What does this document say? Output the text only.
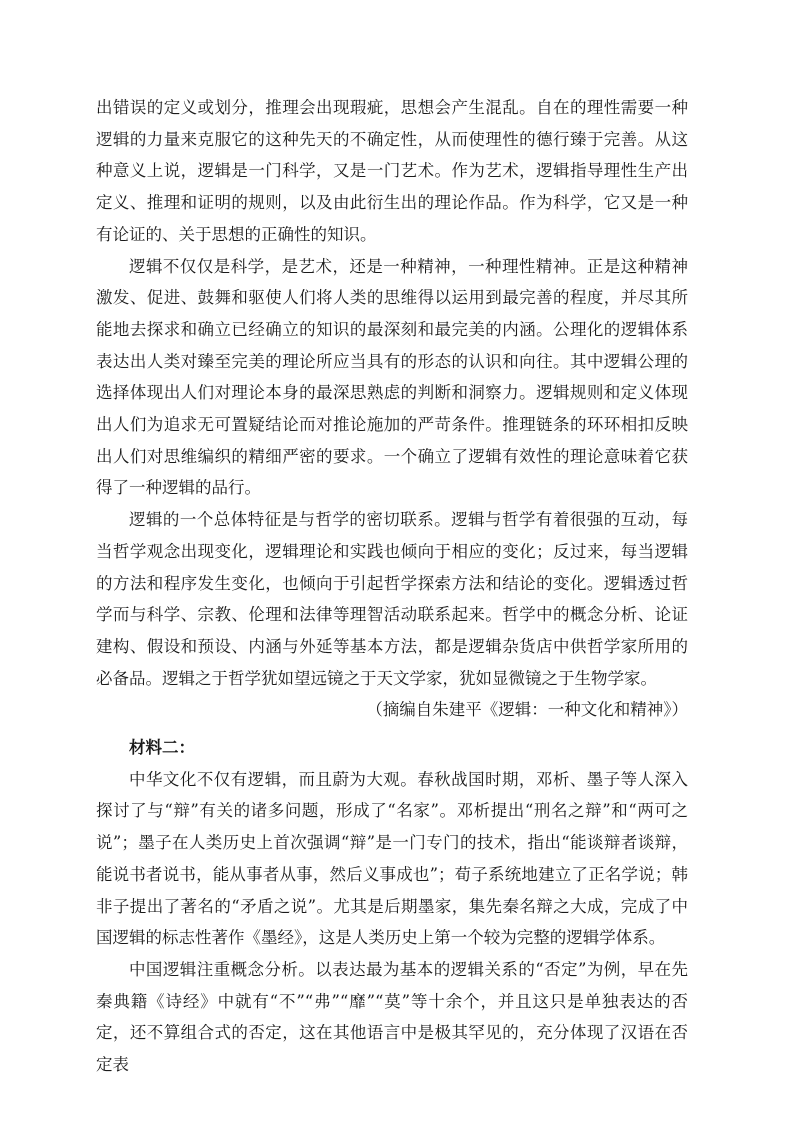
出错误的定义或划分，推理会出现瑕疵，思想会产生混乱。自在的理性需要一种逻辑的力量来克服它的这种先天的不确定性，从而使理性的德行臻于完善。从这种意义上说，逻辑是一门科学，又是一门艺术。作为艺术，逻辑指导理性生产出定义、推理和证明的规则，以及由此衍生出的理论作品。作为科学，它又是一种有论证的、关于思想的正确性的知识。

逻辑不仅仅是科学，是艺术，还是一种精神，一种理性精神。正是这种精神激发、促进、鼓舞和驱使人们将人类的思维得以运用到最完善的程度，并尽其所能地去探求和确立已经确立的知识的最深刻和最完美的内涵。公理化的逻辑体系表达出人类对臻至完美的理论所应当具有的形态的认识和向往。其中逻辑公理的选择体现出人们对理论本身的最深思熟虑的判断和洞察力。逻辑规则和定义体现出人们为追求无可置疑结论而对推论施加的严苛条件。推理链条的环环相扣反映出人们对思维编织的精细严密的要求。一个确立了逻辑有效性的理论意味着它获得了一种逻辑的品行。

逻辑的一个总体特征是与哲学的密切联系。逻辑与哲学有着很强的互动，每当哲学观念出现变化，逻辑理论和实践也倾向于相应的变化；反过来，每当逻辑的方法和程序发生变化，也倾向于引起哲学探索方法和结论的变化。逻辑透过哲学而与科学、宗教、伦理和法律等理智活动联系起来。哲学中的概念分析、论证建构、假设和预设、内涵与外延等基本方法，都是逻辑杂货店中供哲学家所用的必备品。逻辑之于哲学犹如望远镜之于天文学家，犹如显微镜之于生物学家。

（摘编自朱建平《逻辑：一种文化和精神》）

材料二：

中华文化不仅有逻辑，而且蔚为大观。春秋战国时期，邓析、墨子等人深入探讨了与“辩”有关的诸多问题，形成了“名家”。邓析提出“刑名之辩”和“两可之说”；墨子在人类历史上首次强调“辩”是一门专门的技术，指出“能谈辩者谈辩，能说书者说书，能从事者从事，然后义事成也”；荀子系统地建立了正名学说；韩非子提出了著名的“矛盾之说”。尤其是后期墨家，集先秦名辩之大成，完成了中国逻辑的标志性著作《墨经》，这是人类历史上第一个较为完整的逻辑学体系。

中国逻辑注重概念分析。以表达最为基本的逻辑关系的“否定”为例，早在先秦典籍《诗经》中就有“不”“弗”“靡”“莫”等十余个，并且这只是单独表达的否定，还不算组合式的否定，这在其他语言中是极其罕见的，充分体现了汉语在否定表
